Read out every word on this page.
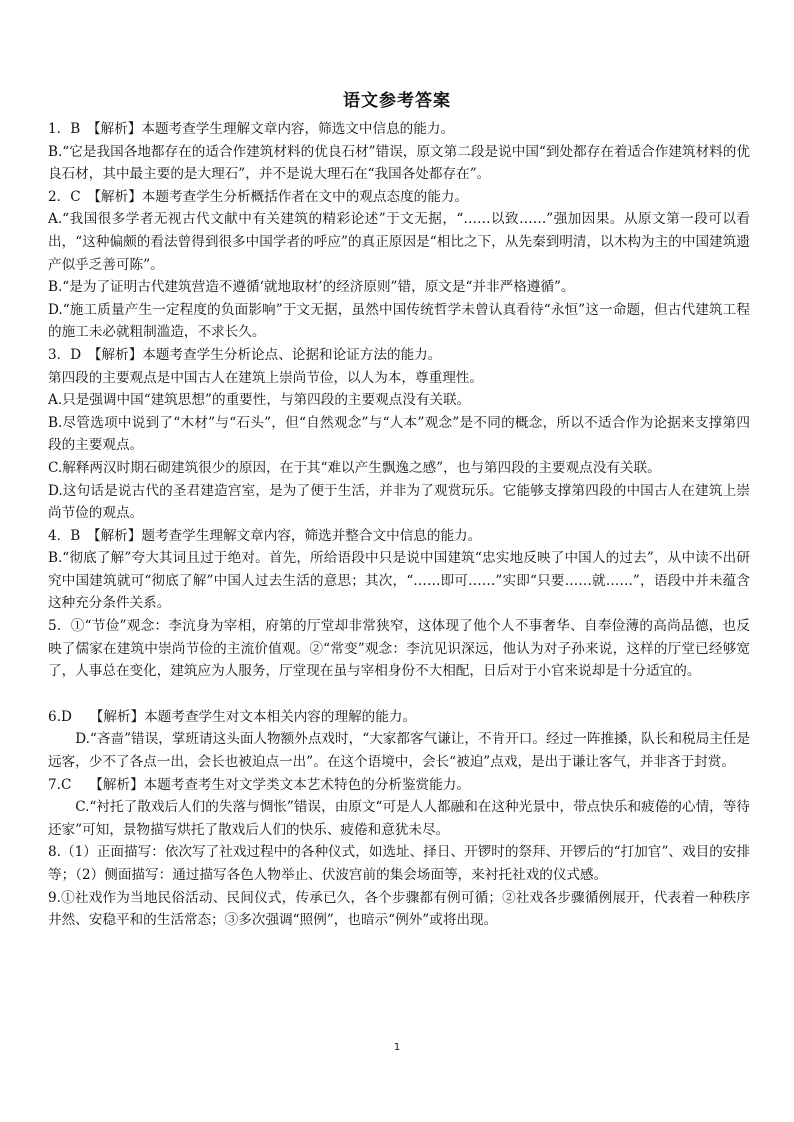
语文参考答案

1．B　【解析】本题考查学生理解文章内容，筛选文中信息的能力。

B.“它是我国各地都存在的适合作建筑材料的优良石材”错误，原文第二段是说中国“到处都存在着适合作建筑材料的优良石材，其中最主要的是大理石”，并不是说大理石在“我国各处都存在”。

2．C　【解析】本题考查学生分析概括作者在文中的观点态度的能力。

A.“我国很多学者无视古代文献中有关建筑的精彩论述”于文无据，“……以致……”强加因果。从原文第一段可以看出，“这种偏颇的看法曾得到很多中国学者的呼应”的真正原因是“相比之下，从先秦到明清，以木构为主的中国建筑遗产似乎乏善可陈”。

B.“是为了证明古代建筑营造不遵循‘就地取材’的经济原则”错，原文是“并非严格遵循”。

D.“施工质量产生一定程度的负面影响”于文无据，虽然中国传统哲学未曾认真看待“永恒”这一命题，但古代建筑工程的施工未必就粗制滥造，不求长久。

3．D　【解析】本题考查学生分析论点、论据和论证方法的能力。

第四段的主要观点是中国古人在建筑上崇尚节俭，以人为本，尊重理性。

A.只是强调中国“建筑思想”的重要性，与第四段的主要观点没有关联。

B.尽管选项中说到了“木材”与“石头”，但“自然观念”与“人本”观念”是不同的概念，所以不适合作为论据来支撑第四段的主要观点。

C.解释两汉时期石砌建筑很少的原因，在于其“难以产生飘逸之感”，也与第四段的主要观点没有关联。

D.这句话是说古代的圣君建造宫室，是为了便于生活，并非为了观赏玩乐。它能够支撑第四段的中国古人在建筑上崇尚节俭的观点。

4．B　【解析】题考查学生理解文章内容，筛选并整合文中信息的能力。

B.“彻底了解”夸大其词且过于绝对。首先，所给语段中只是说中国建筑“忠实地反映了中国人的过去”，从中读不出研究中国建筑就可“彻底了解”中国人过去生活的意思；其次，“……即可……”实即“只要……就……”，语段中并未蕴含这种充分条件关系。

5．①“节俭”观念：李沆身为宰相，府第的厅堂却非常狭窄，这体现了他个人不事奢华、自奉俭薄的高尚品德，也反映了儒家在建筑中崇尚节俭的主流价值观。②“常变”观念：李沆见识深远，他认为对子孙来说，这样的厅堂已经够宽了，人事总在变化，建筑应为人服务，厅堂现在虽与宰相身份不大相配，日后对于小官来说却是十分适宜的。

6.D　 【解析】本题考查学生对文本相关内容的理解的能力。

D.“吝啬”错误，掌班请这头面人物额外点戏时，“大家都客气谦让，不肯开口。经过一阵推搡，队长和税局主任是远客，少不了各点一出，会长也被迫点一出”。在这个语境中，会长“被迫”点戏，是出于谦让客气，并非吝于封赏。

7.C　 【解析】本题考查考生对文学类文本艺术特色的分析鉴赏能力。

C.“衬托了散戏后人们的失落与惆怅”错误，由原文“可是人人都融和在这种光景中，带点快乐和疲倦的心情，等待还家”可知，景物描写烘托了散戏后人们的快乐、疲倦和意犹未尽。

8.（1）正面描写：依次写了社戏过程中的各种仪式，如选址、择日、开锣时的祭拜、开锣后的“打加官”、戏目的安排等；（2）侧面描写：通过描写各色人物举止、伏波宫前的集会场面等，来衬托社戏的仪式感。

9.①社戏作为当地民俗活动、民间仪式，传承已久，各个步骤都有例可循；②社戏各步骤循例展开，代表着一种秩序井然、安稳平和的生活常态；③多次强调“照例”，也暗示“例外”或将出现。

1
